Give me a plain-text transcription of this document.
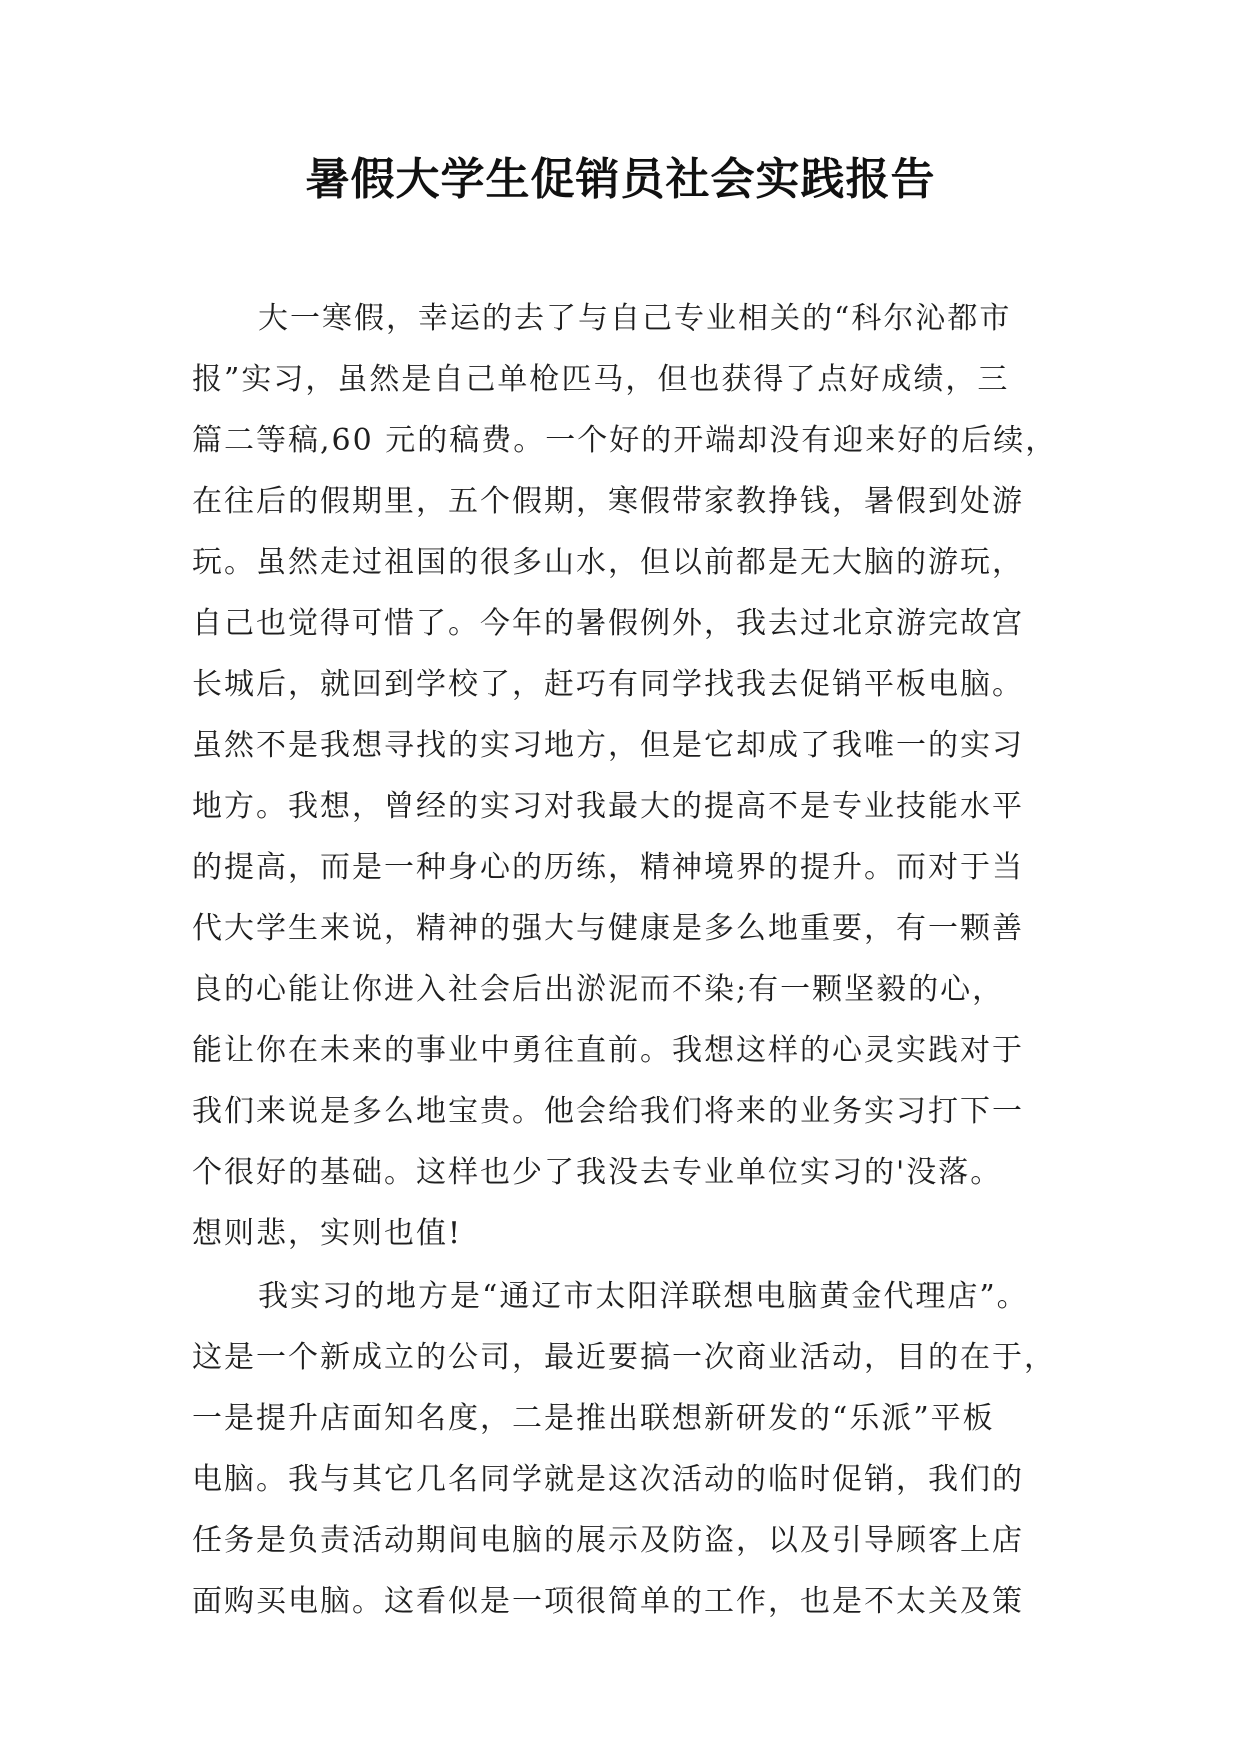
暑假大学生促销员社会实践报告
大一寒假，幸运的去了与自己专业相关的“科尔沁都市
报”实习，虽然是自己单枪匹马，但也获得了点好成绩，三
篇二等稿,60 元的稿费。一个好的开端却没有迎来好的后续，
在往后的假期里，五个假期，寒假带家教挣钱，暑假到处游
玩。虽然走过祖国的很多山水，但以前都是无大脑的游玩，
自己也觉得可惜了。今年的暑假例外，我去过北京游完故宫
长城后，就回到学校了，赶巧有同学找我去促销平板电脑。
虽然不是我想寻找的实习地方，但是它却成了我唯一的实习
地方。我想，曾经的实习对我最大的提高不是专业技能水平
的提高，而是一种身心的历练，精神境界的提升。而对于当
代大学生来说，精神的强大与健康是多么地重要，有一颗善
良的心能让你进入社会后出淤泥而不染;有一颗坚毅的心，
能让你在未来的事业中勇往直前。我想这样的心灵实践对于
我们来说是多么地宝贵。他会给我们将来的业务实习打下一
个很好的基础。这样也少了我没去专业单位实习的'没落。
想则悲，实则也值!
我实习的地方是“通辽市太阳洋联想电脑黄金代理店”。
这是一个新成立的公司，最近要搞一次商业活动，目的在于，
一是提升店面知名度，二是推出联想新研发的“乐派”平板
电脑。我与其它几名同学就是这次活动的临时促销，我们的
任务是负责活动期间电脑的展示及防盗，以及引导顾客上店
面购买电脑。这看似是一项很简单的工作，也是不太关及策
